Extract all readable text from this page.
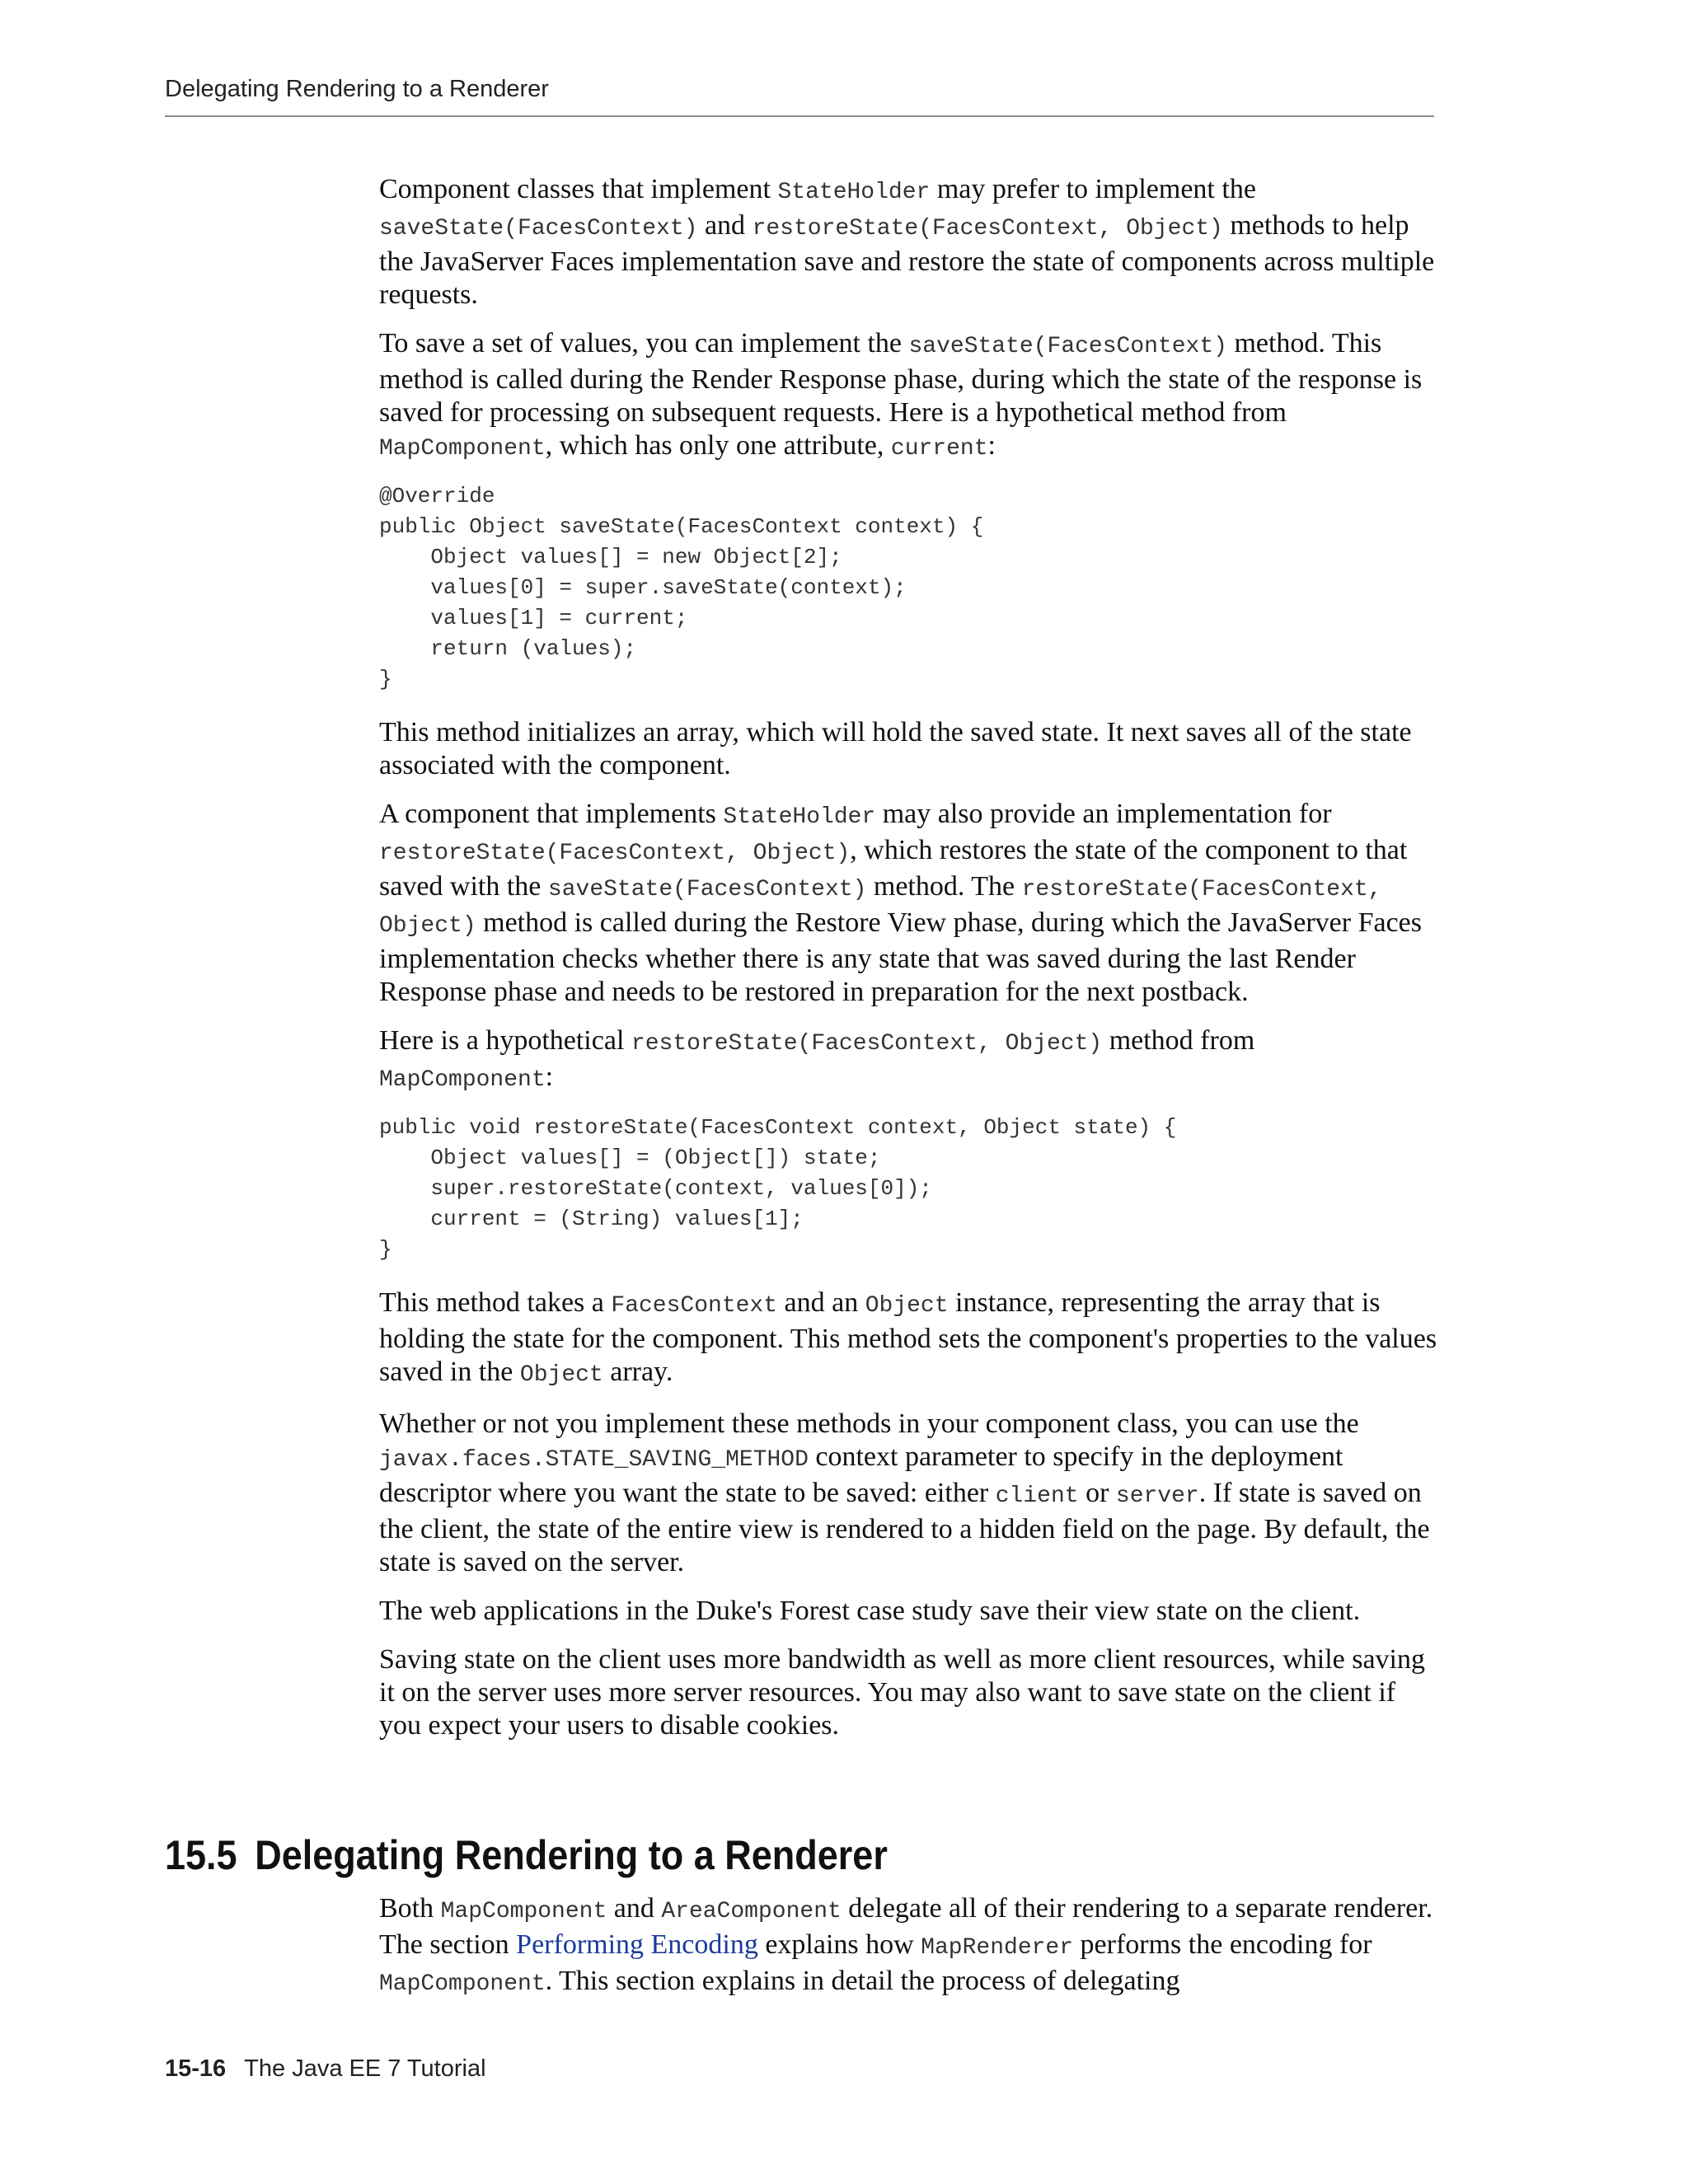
Delegating Rendering to a Renderer

Component classes that implement StateHolder may prefer to implement the saveState(FacesContext) and restoreState(FacesContext, Object) methods to help the JavaServer Faces implementation save and restore the state of components across multiple requests.

To save a set of values, you can implement the saveState(FacesContext) method. This method is called during the Render Response phase, during which the state of the response is saved for processing on subsequent requests. Here is a hypothetical method from MapComponent, which has only one attribute, current:

@Override
public Object saveState(FacesContext context) {
Object values[] = new Object[2];
values[0] = super.saveState(context);
values[1] = current;
return (values);
}

This method initializes an array, which will hold the saved state. It next saves all of the state associated with the component.

A component that implements StateHolder may also provide an implementation for restoreState(FacesContext, Object), which restores the state of the component to that saved with the saveState(FacesContext) method. The restoreState(FacesContext, Object) method is called during the Restore View phase, during which the JavaServer Faces implementation checks whether there is any state that was saved during the last Render Response phase and needs to be restored in preparation for the next postback.

Here is a hypothetical restoreState(FacesContext, Object) method from
MapComponent:

public void restoreState(FacesContext context, Object state) {
Object values[] = (Object[]) state;
super.restoreState(context, values[0]);
current = (String) values[1];
}

This method takes a FacesContext and an Object instance, representing the array that is holding the state for the component. This method sets the component's properties to the values saved in the Object array.

Whether or not you implement these methods in your component class, you can use the javax.faces.STATE_SAVING_METHOD context parameter to specify in the deployment descriptor where you want the state to be saved: either client or server. If state is saved on the client, the state of the entire view is rendered to a hidden field on the page. By default, the state is saved on the server.

The web applications in the Duke's Forest case study save their view state on the client.

Saving state on the client uses more bandwidth as well as more client resources, while saving it on the server uses more server resources. You may also want to save state on the client if you expect your users to disable cookies.

15.5 Delegating Rendering to a Renderer

Both MapComponent and AreaComponent delegate all of their rendering to a separate renderer. The section Performing Encoding explains how MapRenderer performs the encoding for MapComponent. This section explains in detail the process of delegating

15-16 The Java EE 7 Tutorial
